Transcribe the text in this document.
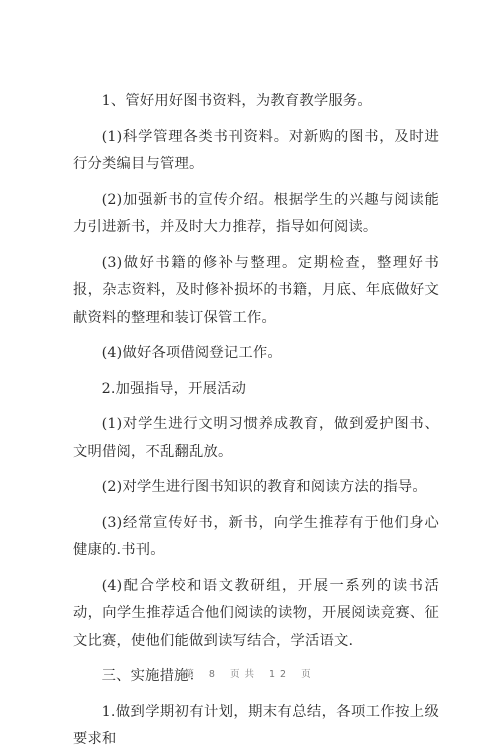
1、管好用好图书资料，为教育教学服务。

(1)科学管理各类书刊资料。对新购的图书，及时进行分类编目与管理。

(2)加强新书的宣传介绍。根据学生的兴趣与阅读能力引进新书，并及时大力推荐，指导如何阅读。

(3)做好书籍的修补与整理。定期检查，整理好书报，杂志资料，及时修补损坏的书籍，月底、年底做好文献资料的整理和装订保管工作。

(4)做好各项借阅登记工作。

2.加强指导，开展活动

(1)对学生进行文明习惯养成教育，做到爱护图书、文明借阅，不乱翻乱放。

(2)对学生进行图书知识的教育和阅读方法的指导。

(3)经常宣传好书，新书，向学生推荐有于他们身心健康的.书刊。

(4)配合学校和语文教研组，开展一系列的读书活动，向学生推荐适合他们阅读的读物，开展阅读竞赛、征文比赛，使他们能做到读写结合，学活语文.

三、实施措施：

1.做到学期初有计划，期末有总结，各项工作按上级要求和

第 8 页共 12 页
